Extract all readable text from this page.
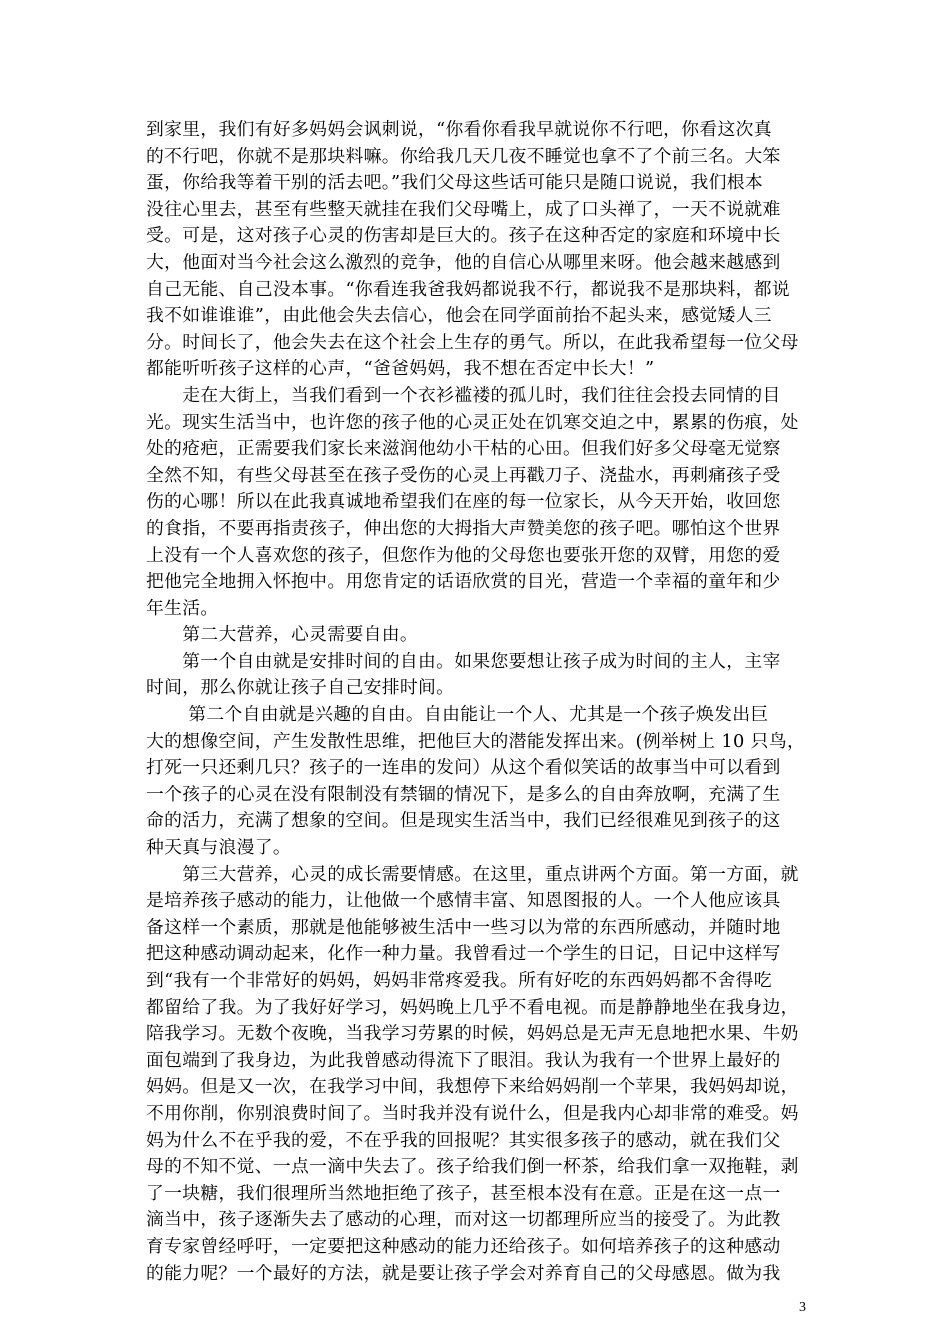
到家里，我们有好多妈妈会讽刺说，“你看你看我早就说你不行吧，你看这次真
的不行吧，你就不是那块料嘛。你给我几天几夜不睡觉也拿不了个前三名。大笨
蛋，你给我等着干别的活去吧。”我们父母这些话可能只是随口说说，我们根本
没往心里去，甚至有些整天就挂在我们父母嘴上，成了口头禅了，一天不说就难
受。可是，这对孩子心灵的伤害却是巨大的。孩子在这种否定的家庭和环境中长
大，他面对当今社会这么激烈的竞争，他的自信心从哪里来呀。他会越来越感到
自己无能、自己没本事。“你看连我爸我妈都说我不行，都说我不是那块料，都说
我不如谁谁谁”，由此他会失去信心，他会在同学面前抬不起头来，感觉矮人三
分。时间长了，他会失去在这个社会上生存的勇气。所以，在此我希望每一位父母
都能听听孩子这样的心声，“爸爸妈妈，我不想在否定中长大！”
　　走在大街上，当我们看到一个衣衫褴褛的孤儿时，我们往往会投去同情的目
光。现实生活当中，也许您的孩子他的心灵正处在饥寒交迫之中，累累的伤痕，处
处的疮疤，正需要我们家长来滋润他幼小干枯的心田。但我们好多父母毫无觉察
全然不知，有些父母甚至在孩子受伤的心灵上再戳刀子、浇盐水，再刺痛孩子受
伤的心哪！所以在此我真诚地希望我们在座的每一位家长，从今天开始，收回您
的食指，不要再指责孩子，伸出您的大拇指大声赞美您的孩子吧。哪怕这个世界
上没有一个人喜欢您的孩子，但您作为他的父母您也要张开您的双臂，用您的爱
把他完全地拥入怀抱中。用您肯定的话语欣赏的目光，营造一个幸福的童年和少
年生活。
　　第二大营养，心灵需要自由。
　　第一个自由就是安排时间的自由。如果您要想让孩子成为时间的主人，主宰
时间，那么你就让孩子自己安排时间。
　　 第二个自由就是兴趣的自由。自由能让一个人、尤其是一个孩子焕发出巨
大的想像空间，产生发散性思维，把他巨大的潜能发挥出来。(例举树上 10 只鸟，
打死一只还剩几只？孩子的一连串的发问）从这个看似笑话的故事当中可以看到
一个孩子的心灵在没有限制没有禁锢的情况下，是多么的自由奔放啊，充满了生
命的活力，充满了想象的空间。但是现实生活当中，我们已经很难见到孩子的这
种天真与浪漫了。
　　第三大营养，心灵的成长需要情感。在这里，重点讲两个方面。第一方面，就
是培养孩子感动的能力，让他做一个感情丰富、知恩图报的人。一个人他应该具
备这样一个素质，那就是他能够被生活中一些习以为常的东西所感动，并随时地
把这种感动调动起来，化作一种力量。我曾看过一个学生的日记，日记中这样写
到“我有一个非常好的妈妈，妈妈非常疼爱我。所有好吃的东西妈妈都不舍得吃
都留给了我。为了我好好学习，妈妈晚上几乎不看电视。而是静静地坐在我身边，
陪我学习。无数个夜晚，当我学习劳累的时候，妈妈总是无声无息地把水果、牛奶
面包端到了我身边，为此我曾感动得流下了眼泪。我认为我有一个世界上最好的
妈妈。但是又一次，在我学习中间，我想停下来给妈妈削一个苹果，我妈妈却说，
不用你削，你别浪费时间了。当时我并没有说什么，但是我内心却非常的难受。妈
妈为什么不在乎我的爱，不在乎我的回报呢？其实很多孩子的感动，就在我们父
母的不知不觉、一点一滴中失去了。孩子给我们倒一杯茶，给我们拿一双拖鞋，剥
了一块糖，我们很理所当然地拒绝了孩子，甚至根本没有在意。正是在这一点一
滴当中，孩子逐渐失去了感动的心理，而对这一切都理所应当的接受了。为此教
育专家曾经呼吁，一定要把这种感动的能力还给孩子。如何培养孩子的这种感动
的能力呢？一个最好的方法，就是要让孩子学会对养育自己的父母感恩。做为我
3
